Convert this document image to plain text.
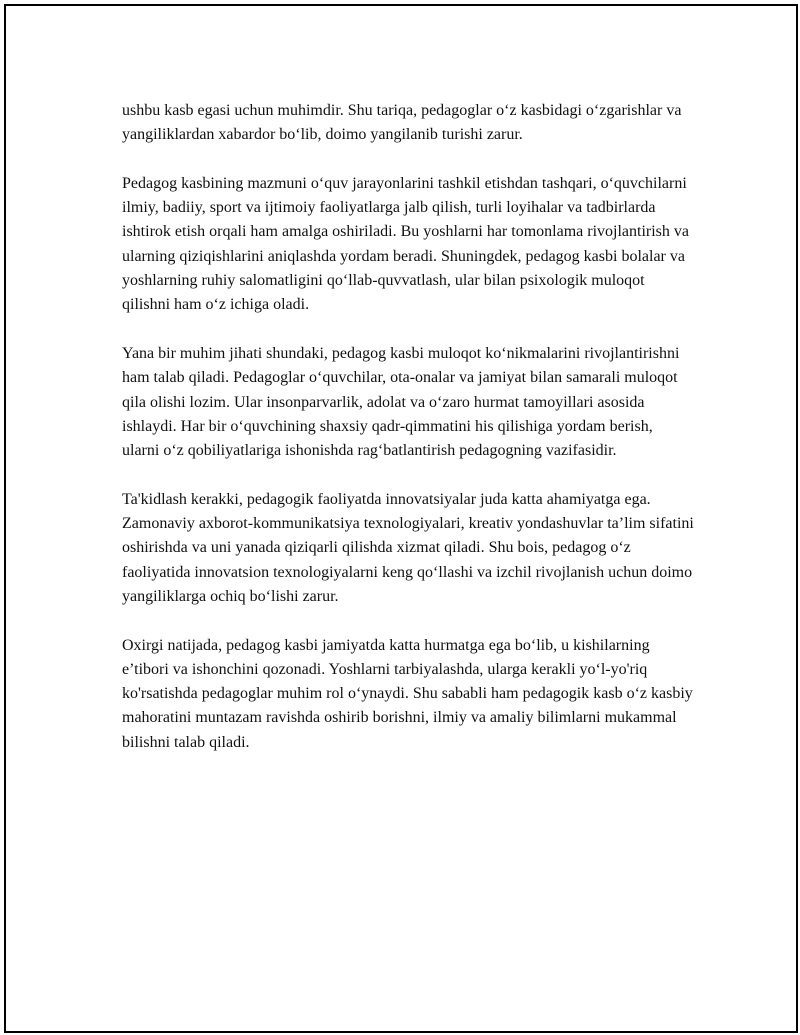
ushbu kasb egasi uchun muhimdir. Shu tariqa, pedagoglar o‘z kasbidagi o‘zgarishlar va yangiliklardan xabardor bo‘lib, doimo yangilanib turishi zarur.

Pedagog kasbining mazmuni o‘quv jarayonlarini tashkil etishdan tashqari, o‘quvchilarni ilmiy, badiiy, sport va ijtimoiy faoliyatlarga jalb qilish, turli loyihalar va tadbirlarda ishtirok etish orqali ham amalga oshiriladi. Bu yoshlarni har tomonlama rivojlantirish va ularning qiziqishlarini aniqlashda yordam beradi. Shuningdek, pedagog kasbi bolalar va yoshlarning ruhiy salomatligini qo‘llab-quvvatlash, ular bilan psixologik muloqot qilishni ham o‘z ichiga oladi.

Yana bir muhim jihati shundaki, pedagog kasbi muloqot ko‘nikmalarini rivojlantirishni ham talab qiladi. Pedagoglar o‘quvchilar, ota-onalar va jamiyat bilan samarali muloqot qila olishi lozim. Ular insonparvarlik, adolat va o‘zaro hurmat tamoyillari asosida ishlaydi. Har bir o‘quvchining shaxsiy qadr-qimmatini his qilishiga yordam berish, ularni o‘z qobiliyatlariga ishonishda rag‘batlantirish pedagogning vazifasidir.

Ta'kidlash kerakki, pedagogik faoliyatda innovatsiyalar juda katta ahamiyatga ega. Zamonaviy axborot-kommunikatsiya texnologiyalari, kreativ yondashuvlar ta’lim sifatini oshirishda va uni yanada qiziqarli qilishda xizmat qiladi. Shu bois, pedagog o‘z faoliyatida innovatsion texnologiyalarni keng qo‘llashi va izchil rivojlanish uchun doimo yangiliklarga ochiq bo‘lishi zarur.

Oxirgi natijada, pedagog kasbi jamiyatda katta hurmatga ega bo‘lib, u kishilarning e’tibori va ishonchini qozonadi. Yoshlarni tarbiyalashda, ularga kerakli yo‘l-yo'riq ko'rsatishda pedagoglar muhim rol o‘ynaydi. Shu sababli ham pedagogik kasb o‘z kasbiy mahoratini muntazam ravishda oshirib borishni, ilmiy va amaliy bilimlarni mukammal bilishni talab qiladi.
